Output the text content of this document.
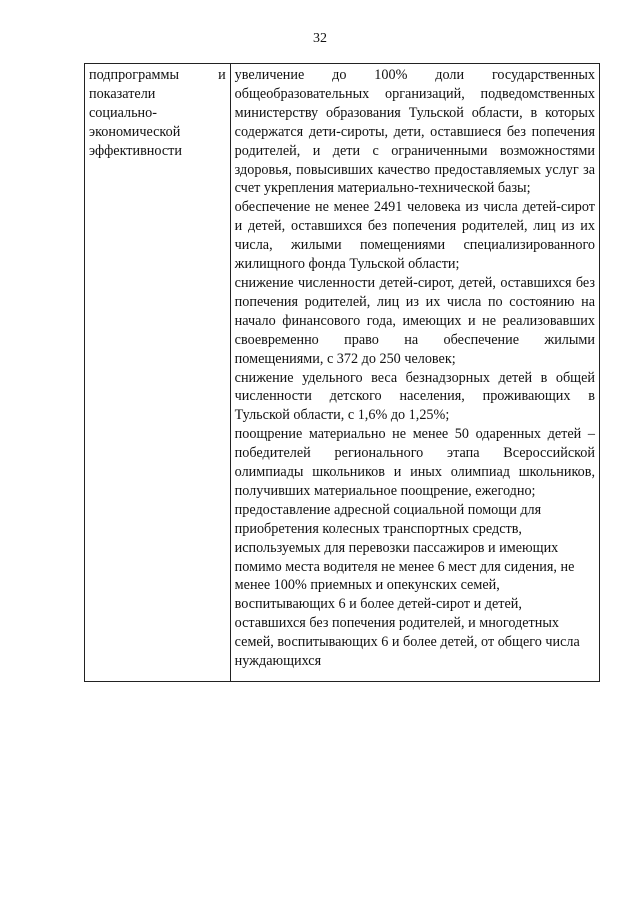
32
подпрограммы	и
показатели
социально-
экономической
эффективности

увеличение до 100% доли государственных общеобразовательных организаций, подведомственных министерству образования Тульской области, в которых содержатся дети-сироты, дети, оставшиеся без попечения родителей, и дети с ограниченными возможностями здоровья, повысивших качество предоставляемых услуг за счет укрепления материально-технической базы;
обеспечение не менее 2491 человека из числа детей-сирот и детей, оставшихся без попечения родителей, лиц из их числа, жилыми помещениями специализированного жилищного фонда Тульской области;
снижение численности детей-сирот, детей, оставшихся без попечения родителей, лиц из их числа по состоянию на начало финансового года, имеющих и не реализовавших своевременно право на обеспечение жилыми помещениями, с 372 до 250 человек;
снижение удельного веса безнадзорных детей в общей численности детского населения, проживающих в Тульской области, с 1,6% до 1,25%;
поощрение материально не менее 50 одаренных детей – победителей регионального этапа Всероссийской олимпиады школьников и иных олимпиад школьников, получивших материальное поощрение, ежегодно;
предоставление адресной социальной помощи для приобретения колесных транспортных средств, используемых для перевозки пассажиров и имеющих помимо места водителя не менее 6 мест для сидения, не менее 100% приемных и опекунских семей, воспитывающих 6 и более детей-сирот и детей, оставшихся без попечения родителей, и многодетных семей, воспитывающих 6 и более детей, от общего числа нуждающихся
